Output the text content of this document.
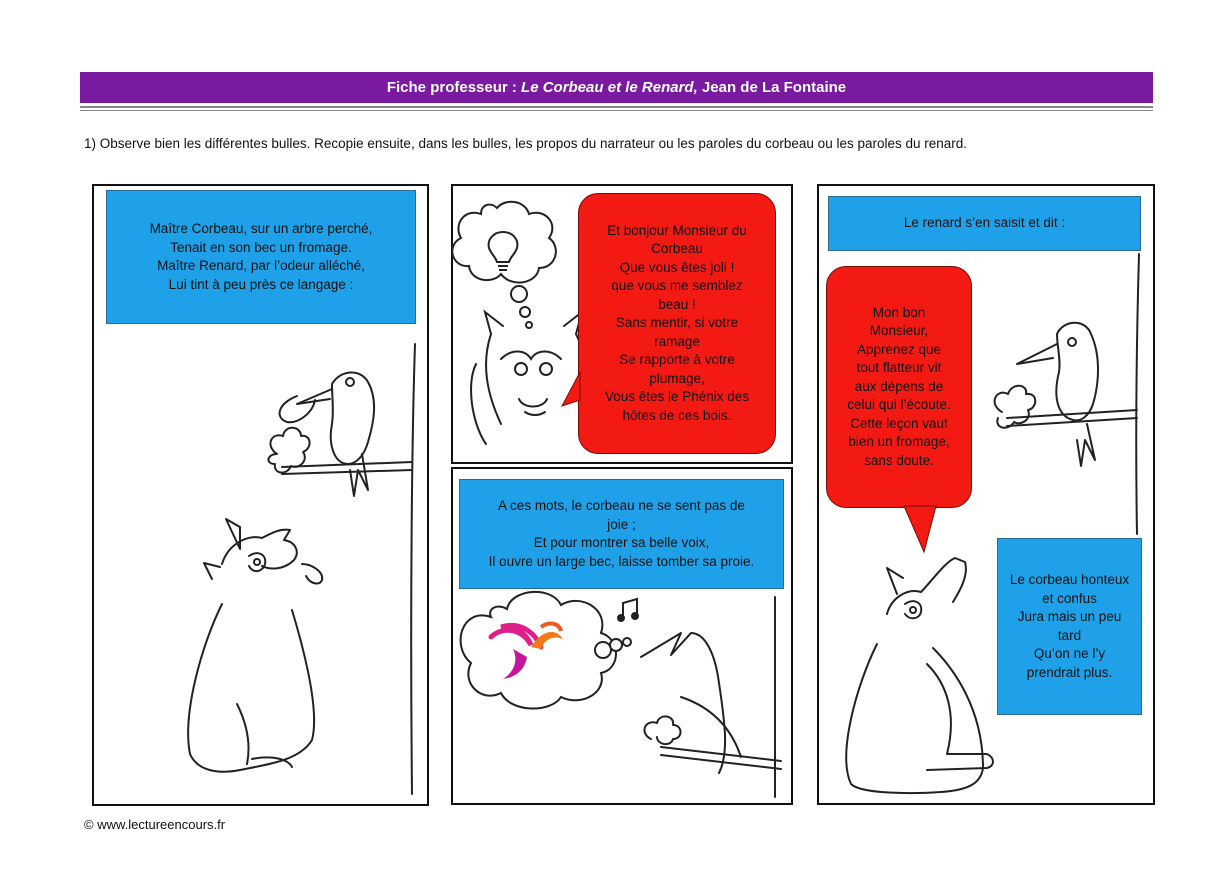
Fiche professeur : Le Corbeau et le Renard, Jean de La Fontaine
1) Observe bien les différentes bulles. Recopie ensuite, dans les bulles, les propos du narrateur ou les paroles du corbeau ou les paroles du renard.
Maître Corbeau, sur un arbre perché,
Tenait en son bec un fromage.
Maître Renard, par l’odeur alléché,
Lui tint à peu près ce langage :
Et bonjour Monsieur du
Corbeau
Que vous êtes joli !
que vous me semblez
beau !
Sans mentir, si votre
ramage
Se rapporte à votre
plumage,
Vous êtes le Phénix des
hôtes de ces bois.
A ces mots, le corbeau ne se sent pas de
joie ;
Et pour montrer sa belle voix,
Il ouvre un large bec, laisse tomber sa proie.
Le renard s’en saisit et dit :
Mon bon
Monsieur,
Apprenez que
tout flatteur vit
aux dépens de
celui qui l’écoute.
Cette leçon vaut
bien un fromage,
sans doute.
Le corbeau honteux
et confus
Jura mais un peu
tard
Qu’on ne l’y
prendrait plus.
© www.lectureencours.fr
